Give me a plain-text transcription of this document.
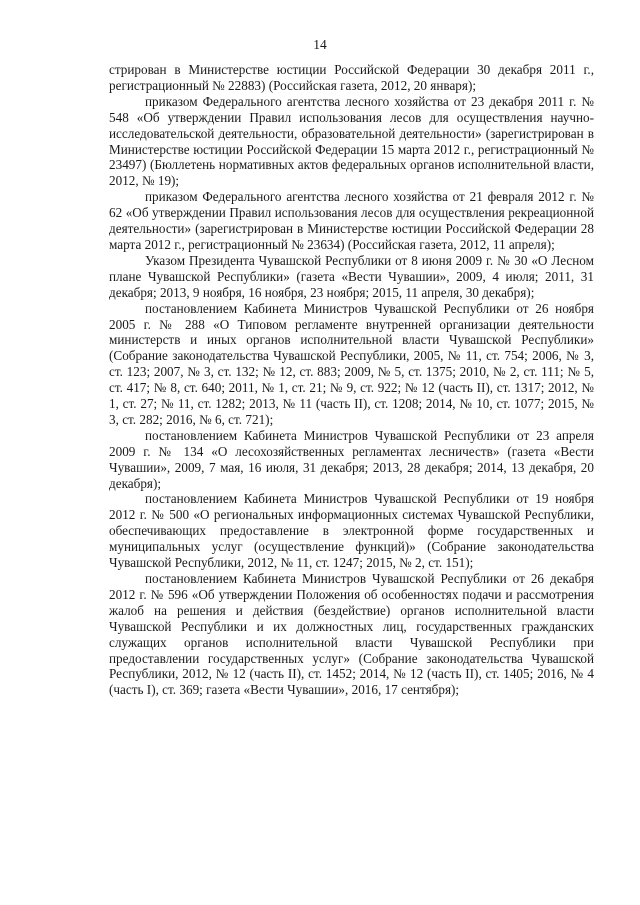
14

стрирован в Министерстве юстиции Российской Федерации 30 декабря 2011 г., регистрационный № 22883) (Российская газета, 2012, 20 января);

приказом Федерального агентства лесного хозяйства от 23 декабря 2011 г. № 548 «Об утверждении Правил использования лесов для осуществления научно-исследовательской деятельности, образовательной деятельности» (зарегистрирован в Министерстве юстиции Российской Федерации 15 марта 2012 г., регистрационный № 23497) (Бюллетень нормативных актов федеральных органов исполнительной власти, 2012, № 19);

приказом Федерального агентства лесного хозяйства от 21 февраля 2012 г. № 62 «Об утверждении Правил использования лесов для осуществления рекреационной деятельности» (зарегистрирован в Министерстве юстиции Российской Федерации 28 марта 2012 г., регистрационный № 23634) (Российская газета, 2012, 11 апреля);

Указом Президента Чувашской Республики от 8 июня 2009 г. № 30 «О Лесном плане Чувашской Республики» (газета «Вести Чувашии», 2009, 4 июля; 2011, 31 декабря; 2013, 9 ноября, 16 ноября, 23 ноября; 2015, 11 апреля, 30 декабря);

постановлением Кабинета Министров Чувашской Республики от 26 ноября 2005 г. № 288 «О Типовом регламенте внутренней организации деятельности министерств и иных органов исполнительной власти Чувашской Республики» (Собрание законодательства Чувашской Республики, 2005, № 11, ст. 754; 2006, № 3, ст. 123; 2007, № 3, ст. 132; № 12, ст. 883; 2009, № 5, ст. 1375; 2010, № 2, ст. 111; № 5, ст. 417; № 8, ст. 640; 2011, № 1, ст. 21; № 9, ст. 922; № 12 (часть II), ст. 1317; 2012, № 1, ст. 27; № 11, ст. 1282; 2013, № 11 (часть II), ст. 1208; 2014, № 10, ст. 1077; 2015, № 3, ст. 282; 2016, № 6, ст. 721);

постановлением Кабинета Министров Чувашской Республики от 23 апреля 2009 г. № 134 «О лесохозяйственных регламентах лесничеств» (газета «Вести Чувашии», 2009, 7 мая, 16 июля, 31 декабря; 2013, 28 декабря; 2014, 13 декабря, 20 декабря);

постановлением Кабинета Министров Чувашской Республики от 19 ноября 2012 г. № 500 «О региональных информационных системах Чувашской Республики, обеспечивающих предоставление в электронной форме государственных и муниципальных услуг (осуществление функций)» (Собрание законодательства Чувашской Республики, 2012, № 11, ст. 1247; 2015, № 2, ст. 151);

постановлением Кабинета Министров Чувашской Республики от 26 декабря 2012 г. № 596 «Об утверждении Положения об особенностях подачи и рассмотрения жалоб на решения и действия (бездействие) органов исполнительной власти Чувашской Республики и их должностных лиц, государственных гражданских служащих органов исполнительной власти Чувашской Республики при предоставлении государственных услуг» (Собрание законодательства Чувашской Республики, 2012, № 12 (часть II), ст. 1452; 2014, № 12 (часть II), ст. 1405; 2016, № 4 (часть I), ст. 369; газета «Вести Чувашии», 2016, 17 сентября);
